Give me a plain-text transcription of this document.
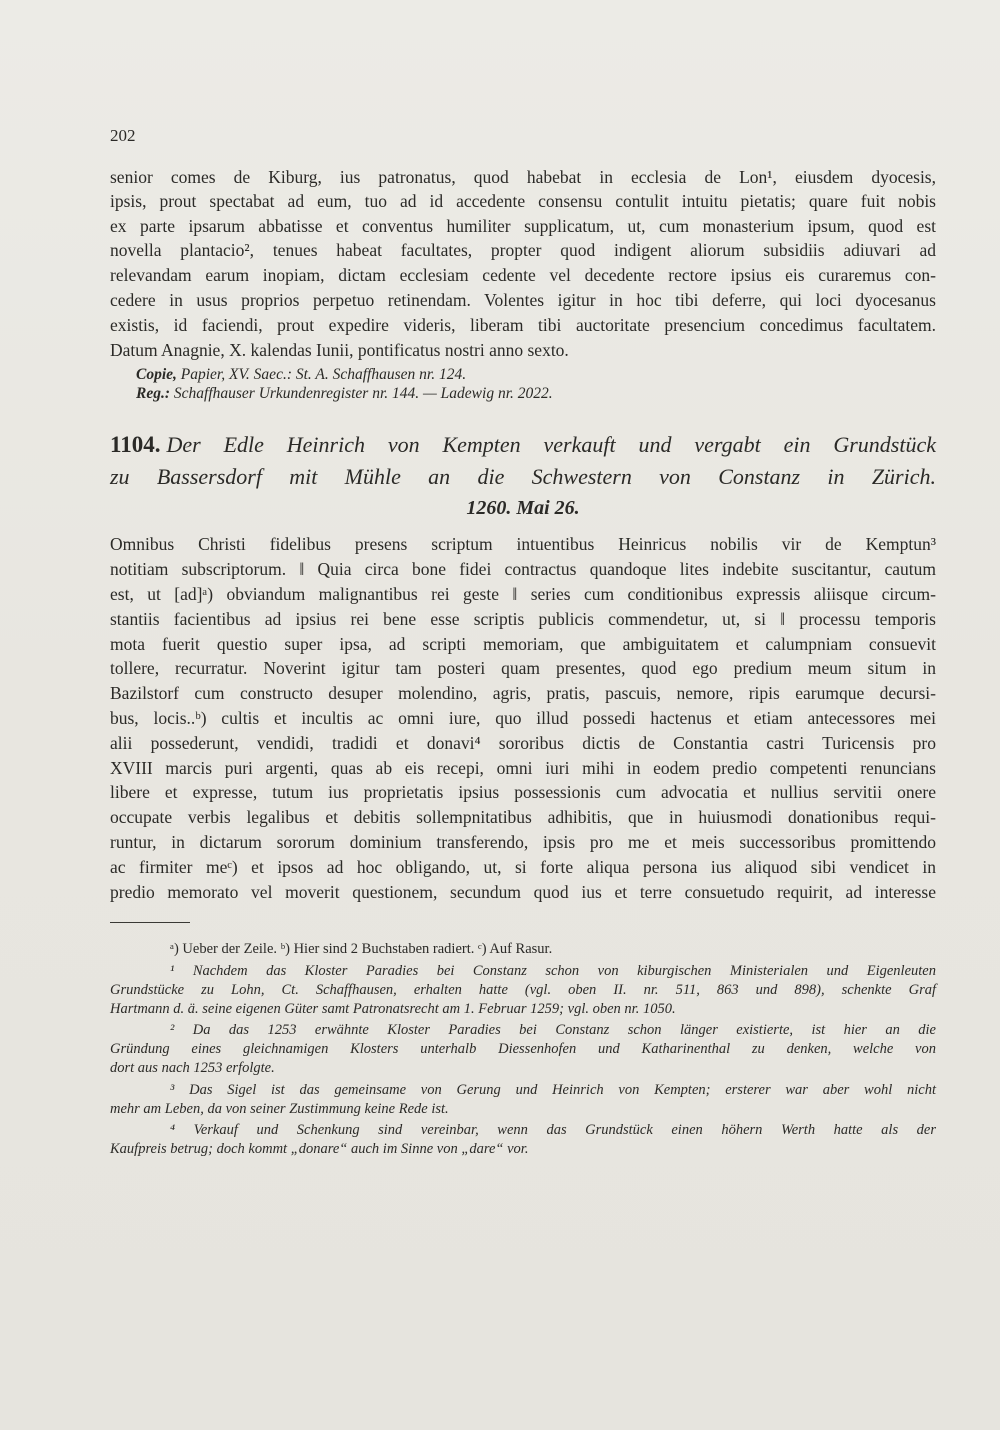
202
senior comes de Kiburg, ius patronatus, quod habebat in ecclesia de Lon¹, eiusdem dyocesis,
ipsis, prout spectabat ad eum, tuo ad id accedente consensu contulit intuitu pietatis; quare fuit nobis
ex parte ipsarum abbatisse et conventus humiliter supplicatum, ut, cum monasterium ipsum, quod est
novella plantacio², tenues habeat facultates, propter quod indigent aliorum subsidiis adiuvari ad
relevandam earum inopiam, dictam ecclesiam cedente vel decedente rectore ipsius eis curaremus con-
cedere in usus proprios perpetuo retinendam. Volentes igitur in hoc tibi deferre, qui loci dyocesanus
existis, id faciendi, prout expedire videris, liberam tibi auctoritate presencium concedimus facultatem.
Datum Anagnie, X. kalendas Iunii, pontificatus nostri anno sexto.
Copie, Papier, XV. Saec.: St. A. Schaffhausen nr. 124.
Reg.: Schaffhauser Urkundenregister nr. 144. — Ladewig nr. 2022.
1104. Der Edle Heinrich von Kempten verkauft und vergabt ein Grundstück
zu Bassersdorf mit Mühle an die Schwestern von Constanz in Zürich.
1260. Mai 26.
Omnibus Christi fidelibus presens scriptum intuentibus Heinricus nobilis vir de Kemptun³
notitiam subscriptorum. ‖ Quia circa bone fidei contractus quandoque lites indebite suscitantur, cautum
est, ut [ad]ᵃ) obviandum malignantibus rei geste ‖ series cum conditionibus expressis aliisque circum-
stantiis facientibus ad ipsius rei bene esse scriptis publicis commendetur, ut, si ‖ processu temporis
mota fuerit questio super ipsa, ad scripti memoriam, que ambiguitatem et calumpniam consuevit
tollere, recurratur. Noverint igitur tam posteri quam presentes, quod ego predium meum situm in
Bazilstorf cum constructo desuper molendino, agris, pratis, pascuis, nemore, ripis earumque decursi-
bus, locis..ᵇ) cultis et incultis ac omni iure, quo illud possedi hactenus et etiam antecessores mei
alii possederunt, vendidi, tradidi et donavi⁴ sororibus dictis de Constantia castri Turicensis pro
XVIII marcis puri argenti, quas ab eis recepi, omni iuri mihi in eodem predio competenti renuncians
libere et expresse, tutum ius proprietatis ipsius possessionis cum advocatia et nullius servitii onere
occupate verbis legalibus et debitis sollempnitatibus adhibitis, que in huiusmodi donationibus requi-
runtur, in dictarum sororum dominium transferendo, ipsis pro me et meis successoribus promittendo
ac firmiter meᶜ) et ipsos ad hoc obligando, ut, si forte aliqua persona ius aliquod sibi vendicet in
predio memorato vel moverit questionem, secundum quod ius et terre consuetudo requirit, ad interesse
ᵃ) Ueber der Zeile. ᵇ) Hier sind 2 Buchstaben radiert. ᶜ) Auf Rasur.
¹ Nachdem das Kloster Paradies bei Constanz schon von kiburgischen Ministerialen und Eigenleuten
Grundstücke zu Lohn, Ct. Schaffhausen, erhalten hatte (vgl. oben II. nr. 511, 863 und 898), schenkte Graf
Hartmann d. ä. seine eigenen Güter samt Patronatsrecht am 1. Februar 1259; vgl. oben nr. 1050.
² Da das 1253 erwähnte Kloster Paradies bei Constanz schon länger existierte, ist hier an die
Gründung eines gleichnamigen Klosters unterhalb Diessenhofen und Katharinenthal zu denken, welche von
dort aus nach 1253 erfolgte.
³ Das Sigel ist das gemeinsame von Gerung und Heinrich von Kempten; ersterer war aber wohl nicht
mehr am Leben, da von seiner Zustimmung keine Rede ist.
⁴ Verkauf und Schenkung sind vereinbar, wenn das Grundstück einen höhern Werth hatte als der
Kaufpreis betrug; doch kommt „donare“ auch im Sinne von „dare“ vor.
